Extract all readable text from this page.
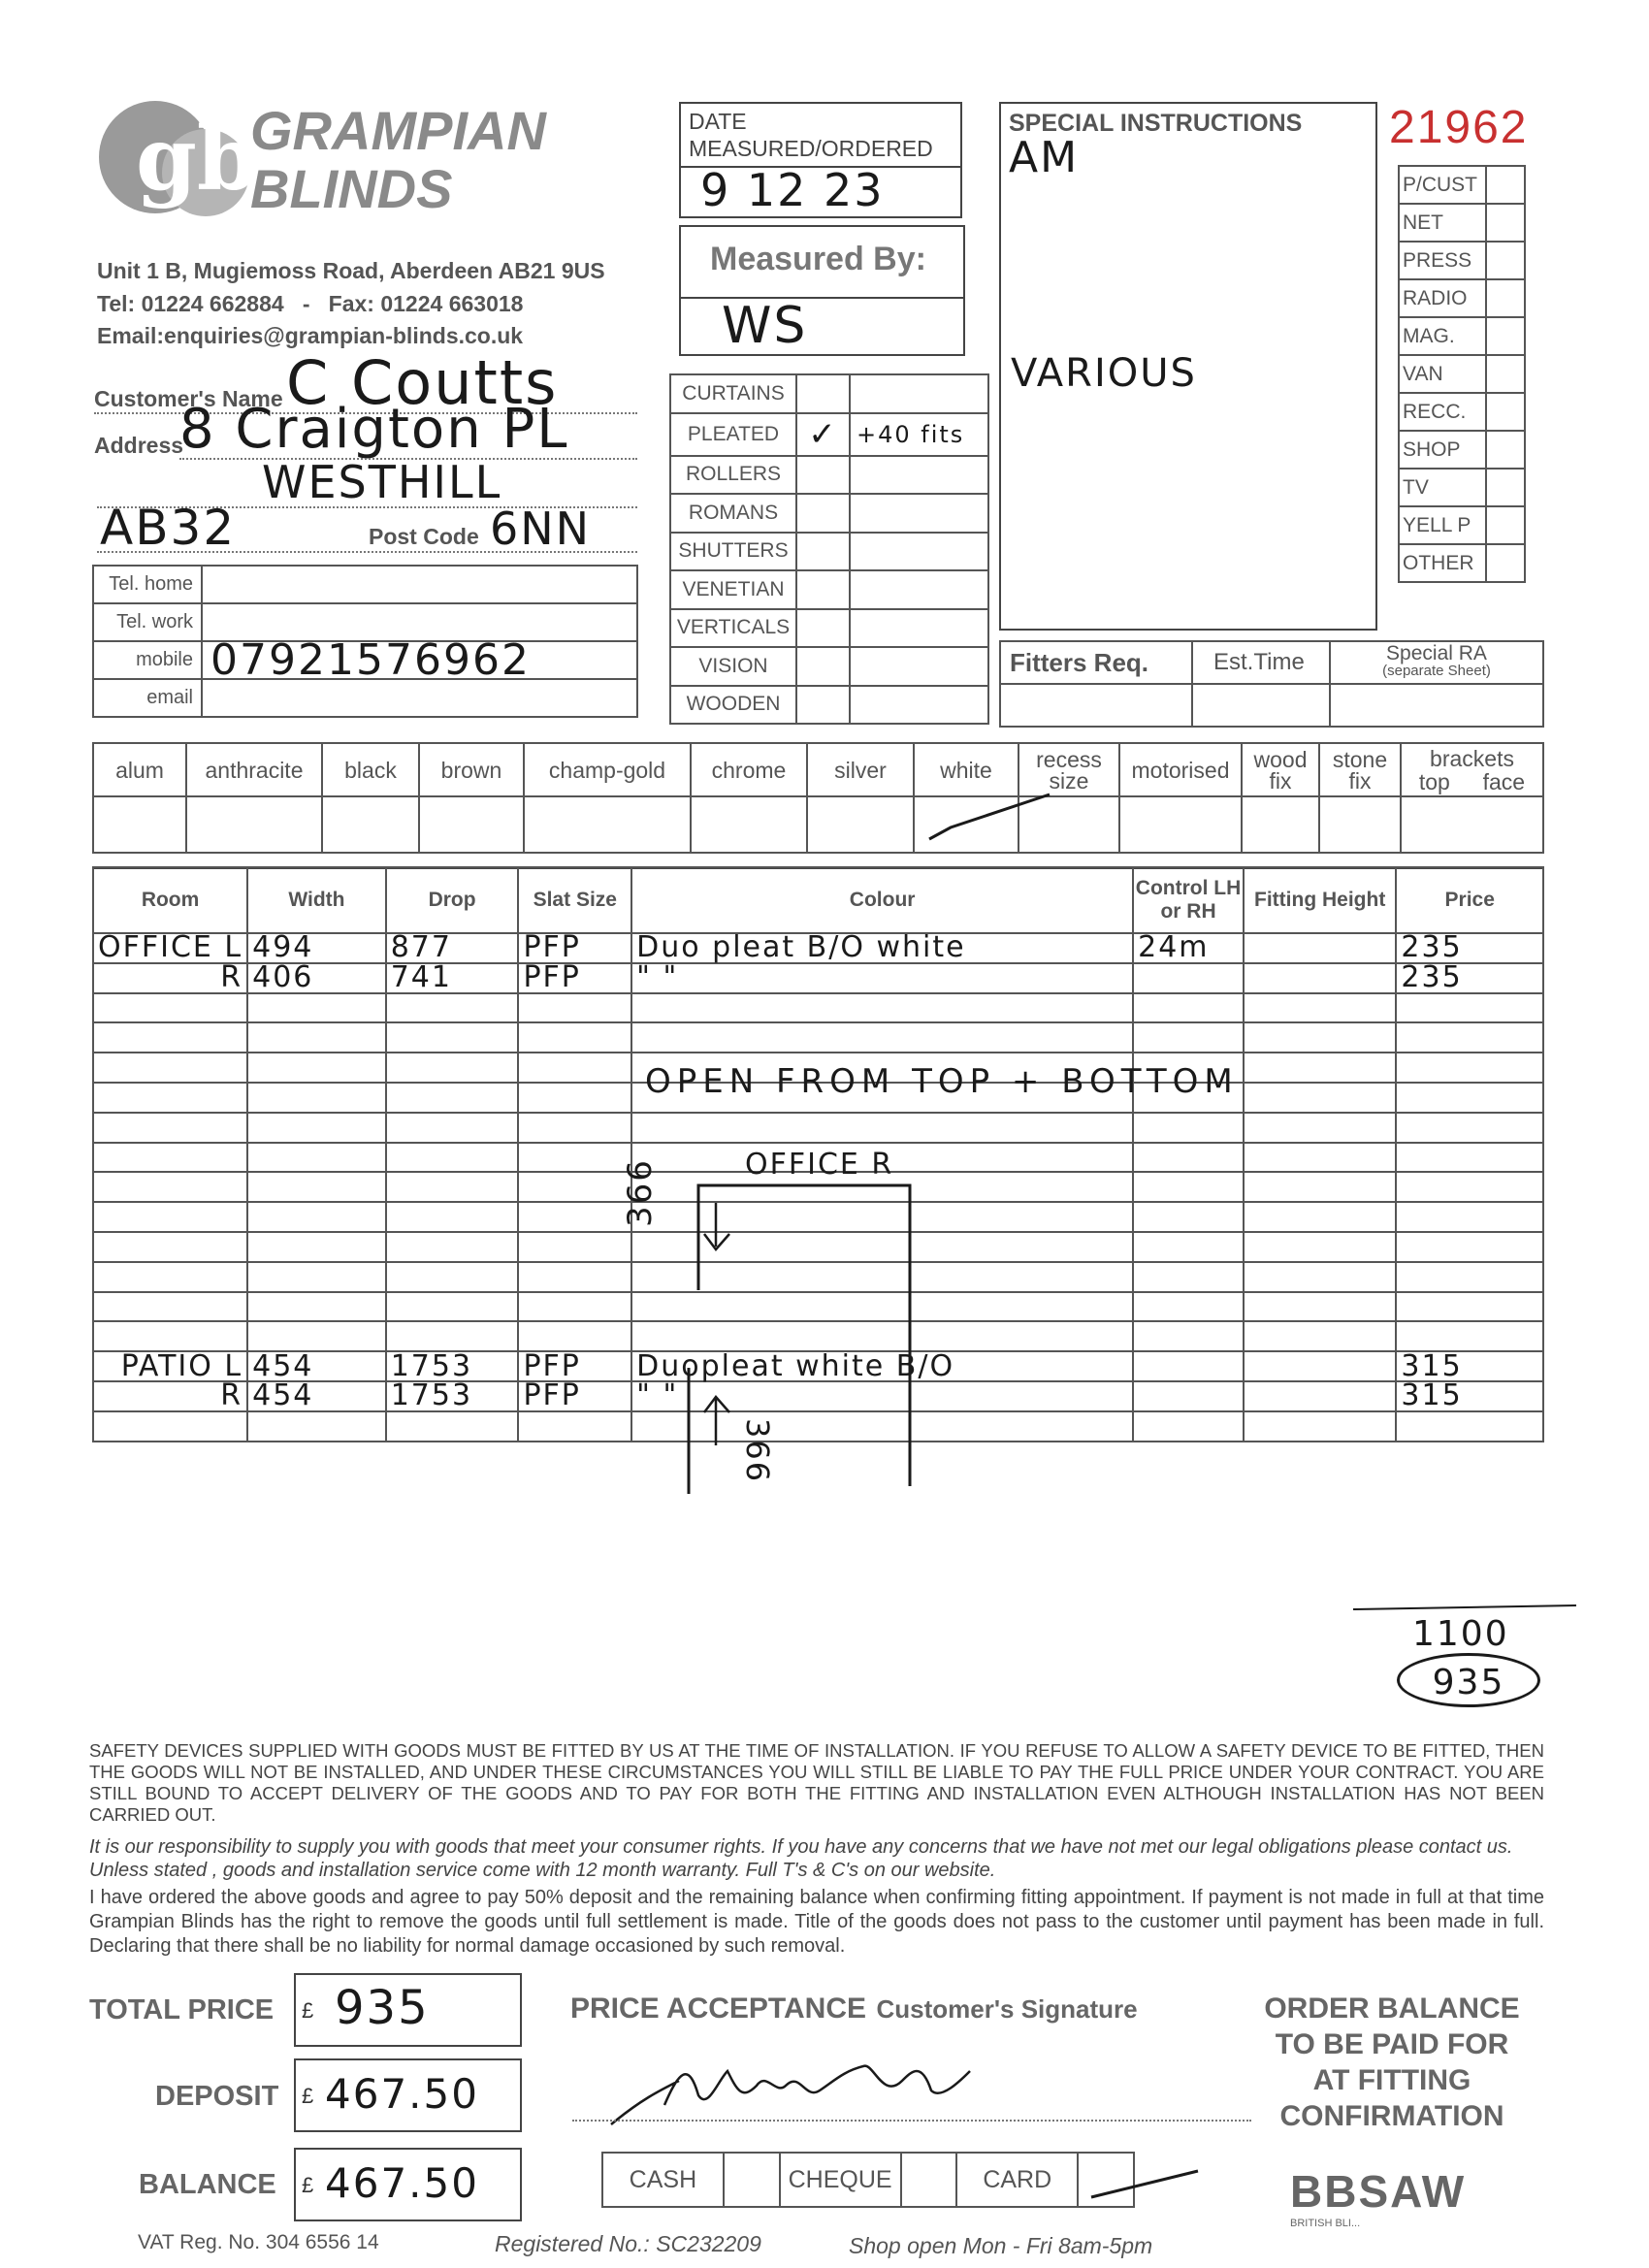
gb
GRAMPIAN
BLINDS
Unit 1 B, Mugiemoss Road, Aberdeen AB21 9US
Tel: 01224 662884   -   Fax: 01224 663018
Email:enquiries@grampian-blinds.co.uk
DATE
MEASURED/ORDERED
9 12 23
Measured By:
WS
SPECIAL INSTRUCTIONS
AM
VARIOUS
21962
P/CUST	
NET	
PRESS	
RADIO	
MAG.	
VAN	
RECC.	
SHOP	
TV	
YELL P	
OTHER	
Customer's Name C Coutts
Address
8 Craigton PL
WESTHILL
AB32	Post Code 6NN
Tel. home	
Tel. work	
mobile	07921576962
email	
CURTAINS		
PLEATED	✓	+40 fits
ROLLERS		
ROMANS		
SHUTTERS		
VENETIAN		
VERTICALS		
VISION		
WOODEN		
Fitters Req.	Est.Time	Special RA
(separate Sheet)

alum	anthracite	black	brown	champ-gold	chrome	silver	white	recess size	motorised	wood fix	stone fix	brackets
top face

Room	Width	Drop	Slat Size	Colour	Control LH or RH	Fitting Height	Price
OFFICE L	494	877	PFP	Duo pleat B/O white	24m		235
R	406	741	PFP	" "			235

PATIO L	454	1753	PFP	Duopleat white B/O			315
R	454	1753	PFP	" "			315

OPEN FROM TOP + BOTTOM
OFFICE R
366
366
1100
935
SAFETY DEVICES SUPPLIED WITH GOODS MUST BE FITTED BY US AT THE TIME OF INSTALLATION. IF YOU REFUSE TO ALLOW A SAFETY DEVICE TO BE FITTED, THEN THE GOODS WILL NOT BE INSTALLED, AND UNDER THESE CIRCUMSTANCES YOU WILL STILL BE LIABLE TO PAY THE FULL PRICE UNDER YOUR CONTRACT. YOU ARE STILL BOUND TO ACCEPT DELIVERY OF THE GOODS AND TO PAY FOR BOTH THE FITTING AND INSTALLATION EVEN ALTHOUGH INSTALLATION HAS NOT BEEN CARRIED OUT.
It is our responsibility to supply you with goods that meet your consumer rights. If you have any concerns that we have not met our legal obligations please contact us. Unless stated , goods and installation service come with 12 month warranty. Full T's & C's on our website.
I have ordered the above goods and agree to pay 50% deposit and the remaining balance when confirming fitting appointment. If payment is not made in full at that time Grampian Blinds has the right to remove the goods until full settlement is made. Title of the goods does not pass to the customer until payment has been made in full. Declaring that there shall be no liability for normal damage occasioned by such removal.
TOTAL PRICE £ 935
DEPOSIT £ 467.50
BALANCE £ 467.50
PRICE ACCEPTANCE Customer's Signature
CASH		CHEQUE		CARD	
ORDER BALANCE
TO BE PAID FOR
AT FITTING
CONFIRMATION
VAT Reg. No. 304 6556 14	Registered No.: SC232209	Shop open Mon - Fri 8am-5pm
BBSAW
BRITISH BLI...
